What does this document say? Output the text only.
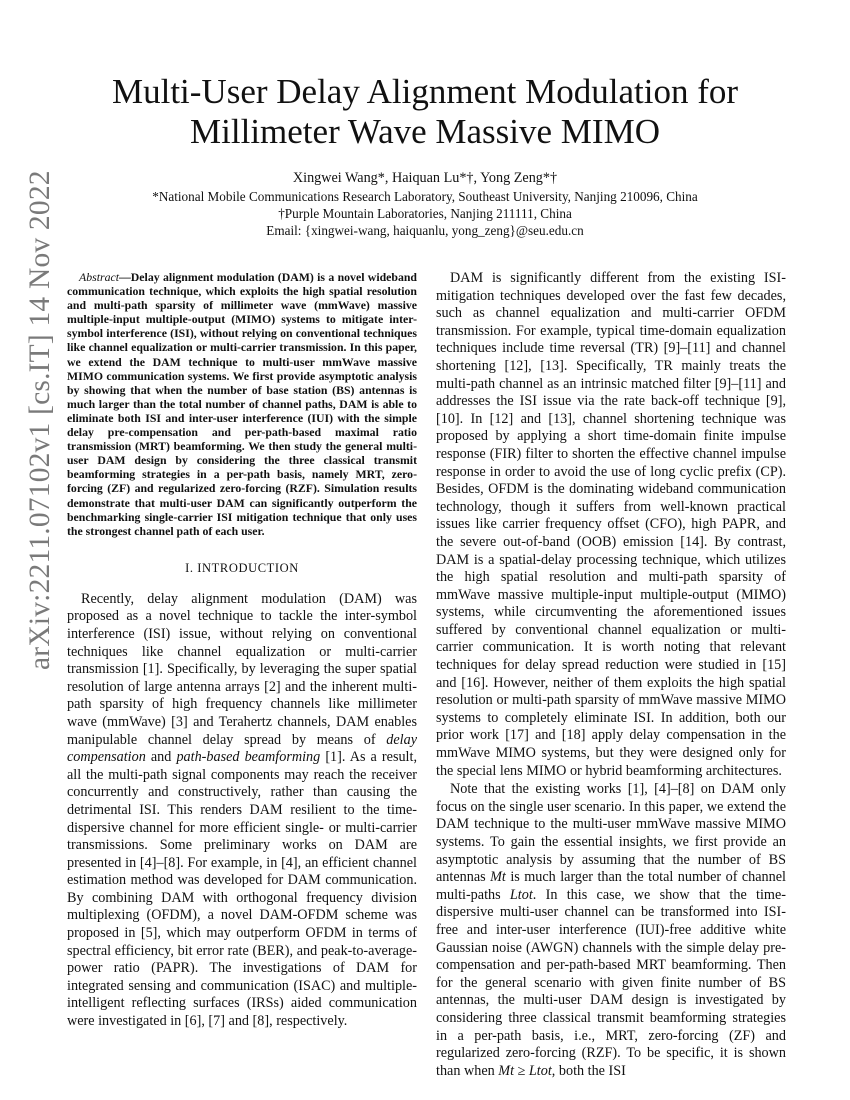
arXiv:2211.07102v1 [cs.IT] 14 Nov 2022
Multi-User Delay Alignment Modulation for
Millimeter Wave Massive MIMO
Xingwei Wang*, Haiquan Lu*†, Yong Zeng*†
*National Mobile Communications Research Laboratory, Southeast University, Nanjing 210096, China
†Purple Mountain Laboratories, Nanjing 211111, China
Email: {xingwei-wang, haiquanlu, yong_zeng}@seu.edu.cn

Abstract—Delay alignment modulation (DAM) is a novel wideband communication technique, which exploits the high spatial resolution and multi-path sparsity of millimeter wave (mmWave) massive multiple-input multiple-output (MIMO) systems to mitigate inter-symbol interference (ISI), without relying on conventional techniques like channel equalization or multi-carrier transmission. In this paper, we extend the DAM technique to multi-user mmWave massive MIMO communication systems. We first provide asymptotic analysis by showing that when the number of base station (BS) antennas is much larger than the total number of channel paths, DAM is able to eliminate both ISI and inter-user interference (IUI) with the simple delay pre-compensation and per-path-based maximal ratio transmission (MRT) beamforming. We then study the general multi-user DAM design by considering the three classical transmit beamforming strategies in a per-path basis, namely MRT, zero-forcing (ZF) and regularized zero-forcing (RZF). Simulation results demonstrate that multi-user DAM can significantly outperform the benchmarking single-carrier ISI mitigation technique that only uses the strongest channel path of each user.

I. INTRODUCTION

Recently, delay alignment modulation (DAM) was proposed as a novel technique to tackle the inter-symbol interference (ISI) issue, without relying on conventional techniques like channel equalization or multi-carrier transmission [1]. Specifically, by leveraging the super spatial resolution of large antenna arrays [2] and the inherent multi-path sparsity of high frequency channels like millimeter wave (mmWave) [3] and Terahertz channels, DAM enables manipulable channel delay spread by means of delay compensation and path-based beamforming [1]. As a result, all the multi-path signal components may reach the receiver concurrently and constructively, rather than causing the detrimental ISI. This renders DAM resilient to the time-dispersive channel for more efficient single- or multi-carrier transmissions. Some preliminary works on DAM are presented in [4]–[8]. For example, in [4], an efficient channel estimation method was developed for DAM communication. By combining DAM with orthogonal frequency division multiplexing (OFDM), a novel DAM-OFDM scheme was proposed in [5], which may outperform OFDM in terms of spectral efficiency, bit error rate (BER), and peak-to-average-power ratio (PAPR). The investigations of DAM for integrated sensing and communication (ISAC) and multiple-intelligent reflecting surfaces (IRSs) aided communication were investigated in [6], [7] and [8], respectively.

DAM is significantly different from the existing ISI-mitigation techniques developed over the fast few decades, such as channel equalization and multi-carrier OFDM transmission. For example, typical time-domain equalization techniques include time reversal (TR) [9]–[11] and channel shortening [12], [13]. Specifically, TR mainly treats the multi-path channel as an intrinsic matched filter [9]–[11] and addresses the ISI issue via the rate back-off technique [9], [10]. In [12] and [13], channel shortening technique was proposed by applying a short time-domain finite impulse response (FIR) filter to shorten the effective channel impulse response in order to avoid the use of long cyclic prefix (CP). Besides, OFDM is the dominating wideband communication technology, though it suffers from well-known practical issues like carrier frequency offset (CFO), high PAPR, and the severe out-of-band (OOB) emission [14]. By contrast, DAM is a spatial-delay processing technique, which utilizes the high spatial resolution and multi-path sparsity of mmWave massive multiple-input multiple-output (MIMO) systems, while circumventing the aforementioned issues suffered by conventional channel equalization or multi-carrier communication. It is worth noting that relevant techniques for delay spread reduction were studied in [15] and [16]. However, neither of them exploits the high spatial resolution or multi-path sparsity of mmWave massive MIMO systems to completely eliminate ISI. In addition, both our prior work [17] and [18] apply delay compensation in the mmWave MIMO systems, but they were designed only for the special lens MIMO or hybrid beamforming architectures.

Note that the existing works [1], [4]–[8] on DAM only focus on the single user scenario. In this paper, we extend the DAM technique to the multi-user mmWave massive MIMO systems. To gain the essential insights, we first provide an asymptotic analysis by assuming that the number of BS antennas Mt is much larger than the total number of channel multi-paths Ltot. In this case, we show that the time-dispersive multi-user channel can be transformed into ISI-free and inter-user interference (IUI)-free additive white Gaussian noise (AWGN) channels with the simple delay pre-compensation and per-path-based MRT beamforming. Then for the general scenario with given finite number of BS antennas, the multi-user DAM design is investigated by considering three classical transmit beamforming strategies in a per-path basis, i.e., MRT, zero-forcing (ZF) and regularized zero-forcing (RZF). To be specific, it is shown than when Mt ≥ Ltot, both the ISI
